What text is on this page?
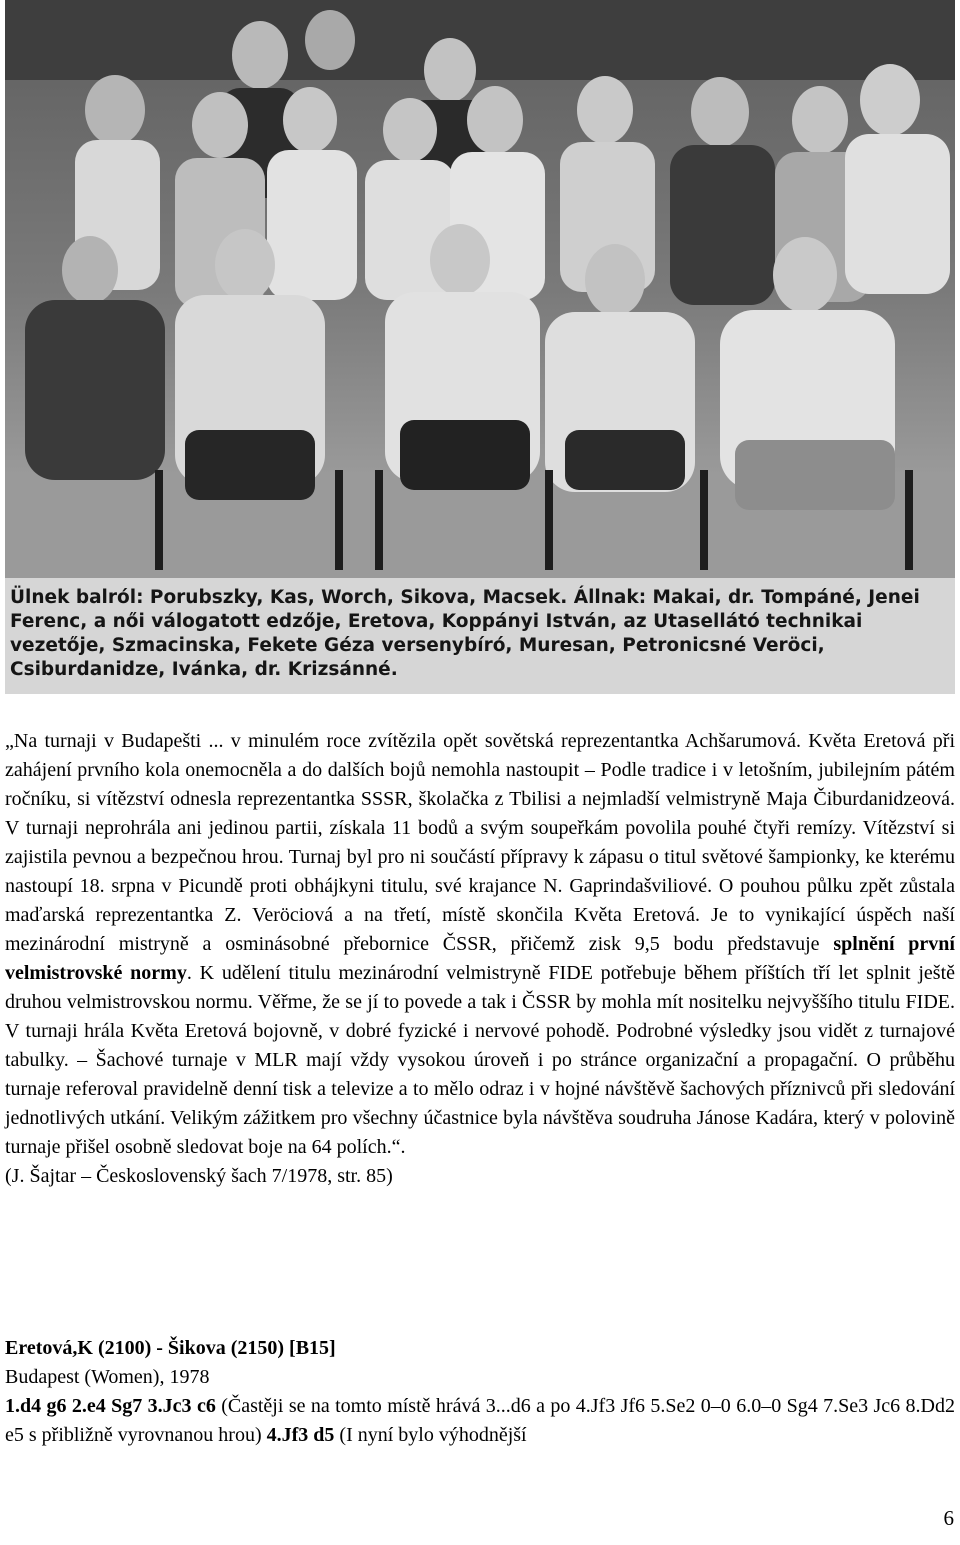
Ülnek balról: Porubszky, Kas, Worch, Sikova, Macsek. Állnak: Makai, dr. Tompáné, Jenei Ferenc, a női válogatott edzője, Eretova, Koppányi István, az Utasellátó technikai vezetője, Szmacinska, Fekete Géza versenybíró, Muresan, Petronicsné Veröci, Csiburdanidze, Ivánka, dr. Krizsánné.

„Na turnaji v Budapešti ... v minulém roce zvítězila opět sovětská reprezentantka Achšarumová. Květa Eretová při zahájení prvního kola onemocněla a do dalších bojů nemohla nastoupit – Podle tradice i v letošním, jubilejním pátém ročníku, si vítězství odnesla reprezentantka SSSR, školačka z Tbilisi a nejmladší velmistryně Maja Čiburdanidzeová. V turnaji neprohrála ani jedinou partii, získala 11 bodů a svým soupeřkám povolila pouhé čtyři remízy. Vítězství si zajistila pevnou a bezpečnou hrou. Turnaj byl pro ni součástí přípravy k zápasu o titul světové šampionky, ke kterému nastoupí 18. srpna v Picundě proti obhájkyni titulu, své krajance N. Gaprindašviliové. O pouhou půlku zpět zůstala maďarská reprezentantka Z. Veröciová a na třetí, místě skončila Květa Eretová. Je to vynikající úspěch naší mezinárodní mistryně a osminásobné přebornice ČSSR, přičemž zisk 9,5 bodu představuje splnění první velmistrovské normy. K udělení titulu mezinárodní velmistryně FIDE potřebuje během příštích tří let splnit ještě druhou velmistrovskou normu. Věřme, že se jí to povede a tak i ČSSR by mohla mít nositelku nejvyššího titulu FIDE. V turnaji hrála Květa Eretová bojovně, v dobré fyzické i nervové pohodě. Podrobné výsledky jsou vidět z turnajové tabulky. – Šachové turnaje v MLR mají vždy vysokou úroveň i po stránce organizační a propagační. O průběhu turnaje referoval pravidelně denní tisk a televize a to mělo odraz i v hojné návštěvě šachových příznivců při sledování jednotlivých utkání. Velikým zážitkem pro všechny účastnice byla návštěva soudruha Jánose Kadára, který v polovině turnaje přišel osobně sledovat boje na 64 polích.“.

(J. Šajtar – Československý šach 7/1978, str. 85)

Eretová,K (2100) - Šikova (2150) [B15]

Budapest (Women), 1978

1.d4 g6 2.e4 Sg7 3.Jc3 c6 (Častěji se na tomto místě hrává 3...d6 a po 4.Jf3 Jf6 5.Se2 0–0 6.0–0 Sg4 7.Se3 Jc6 8.Dd2 e5 s přibližně vyrovnanou hrou) 4.Jf3 d5 (I nyní bylo výhodnější

6
